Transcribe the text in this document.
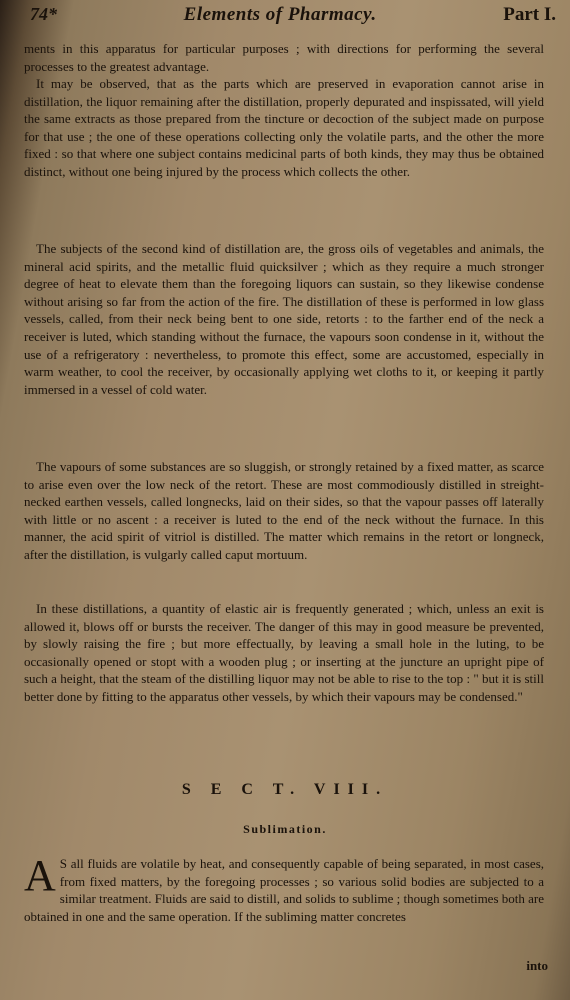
74*	Elements of Pharmacy.	Part I.

ments in this apparatus for particular purposes ; with directions for performing the several processes to the greatest advantage.

It may be observed, that as the parts which are preserved in evaporation cannot arise in distillation, the liquor remaining after the distillation, properly depurated and inspissated, will yield the same extracts as those prepared from the tincture or decoction of the subject made on purpose for that use ; the one of these operations collecting only the volatile parts, and the other the more fixed : so that where one subject contains medicinal parts of both kinds, they may thus be obtained distinct, without one being injured by the process which collects the other.

The subjects of the second kind of distillation are, the gross oils of vegetables and animals, the mineral acid spirits, and the metallic fluid quicksilver ; which as they require a much stronger degree of heat to elevate them than the foregoing liquors can sustain, so they likewise condense without arising so far from the action of the fire. The distillation of these is performed in low glass vessels, called, from their neck being bent to one side, retorts : to the farther end of the neck a receiver is luted, which standing without the furnace, the vapours soon condense in it, without the use of a refrigeratory : nevertheless, to promote this effect, some are accustomed, especially in warm weather, to cool the receiver, by occasionally applying wet cloths to it, or keeping it partly immersed in a vessel of cold water.

The vapours of some substances are so sluggish, or strongly retained by a fixed matter, as scarce to arise even over the low neck of the retort. These are most commodiously distilled in streight-necked earthen vessels, called longnecks, laid on their sides, so that the vapour passes off laterally with little or no ascent : a receiver is luted to the end of the neck without the furnace. In this manner, the acid spirit of vitriol is distilled. The matter which remains in the retort or longneck, after the distillation, is vulgarly called caput mortuum.

In these distillations, a quantity of elastic air is frequently generated ; which, unless an exit is allowed it, blows off or bursts the receiver. The danger of this may in good measure be prevented, by slowly raising the fire ; but more effectually, by leaving a small hole in the luting, to be occasionally opened or stopt with a wooden plug ; or inserting at the juncture an upright pipe of such a height, that the steam of the distilling liquor may not be able to rise to the top : " but it is still better done by fitting to the apparatus other vessels, by which their vapours may be condensed."

S E C T. VIII.
Sublimation.

A S all fluids are volatile by heat, and consequently capable of being separated, in most cases, from fixed matters, by the foregoing processes ; so various solid bodies are subjected to a similar treatment. Fluids are said to distill, and solids to sublime ; though sometimes both are obtained in one and the same operation. If the subliming matter concretes

into
